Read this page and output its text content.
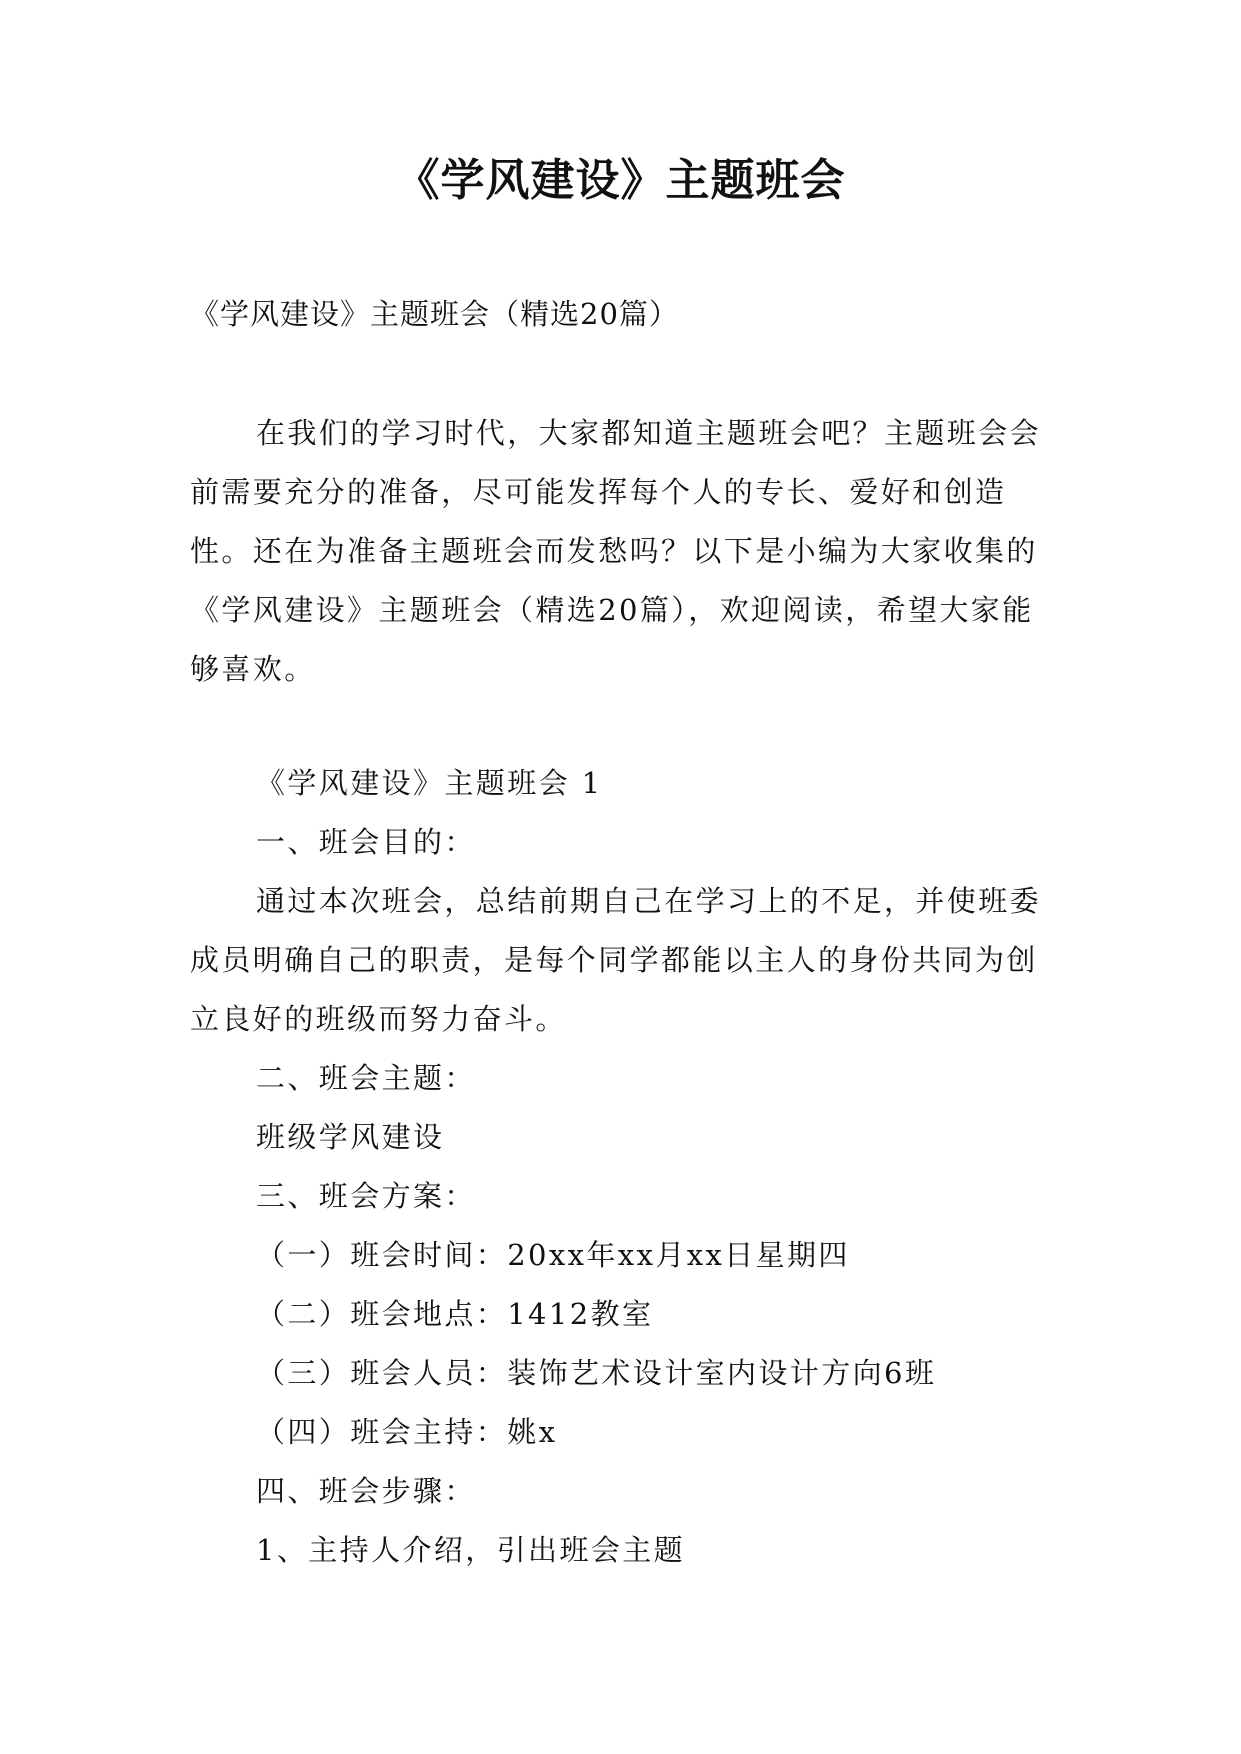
《学风建设》主题班会
《学风建设》主题班会（精选20篇）

在我们的学习时代，大家都知道主题班会吧？主题班会会前需要充分的准备，尽可能发挥每个人的专长、爱好和创造性。还在为准备主题班会而发愁吗？以下是小编为大家收集的《学风建设》主题班会（精选20篇），欢迎阅读，希望大家能够喜欢。

《学风建设》主题班会 1

一、班会目的：

通过本次班会，总结前期自己在学习上的不足，并使班委成员明确自己的职责，是每个同学都能以主人的身份共同为创立良好的班级而努力奋斗。

二、班会主题：

班级学风建设

三、班会方案：

（一）班会时间：20xx年xx月xx日星期四

（二）班会地点：1412教室

（三）班会人员：装饰艺术设计室内设计方向6班

（四）班会主持：姚x

四、班会步骤：

1、主持人介绍，引出班会主题
